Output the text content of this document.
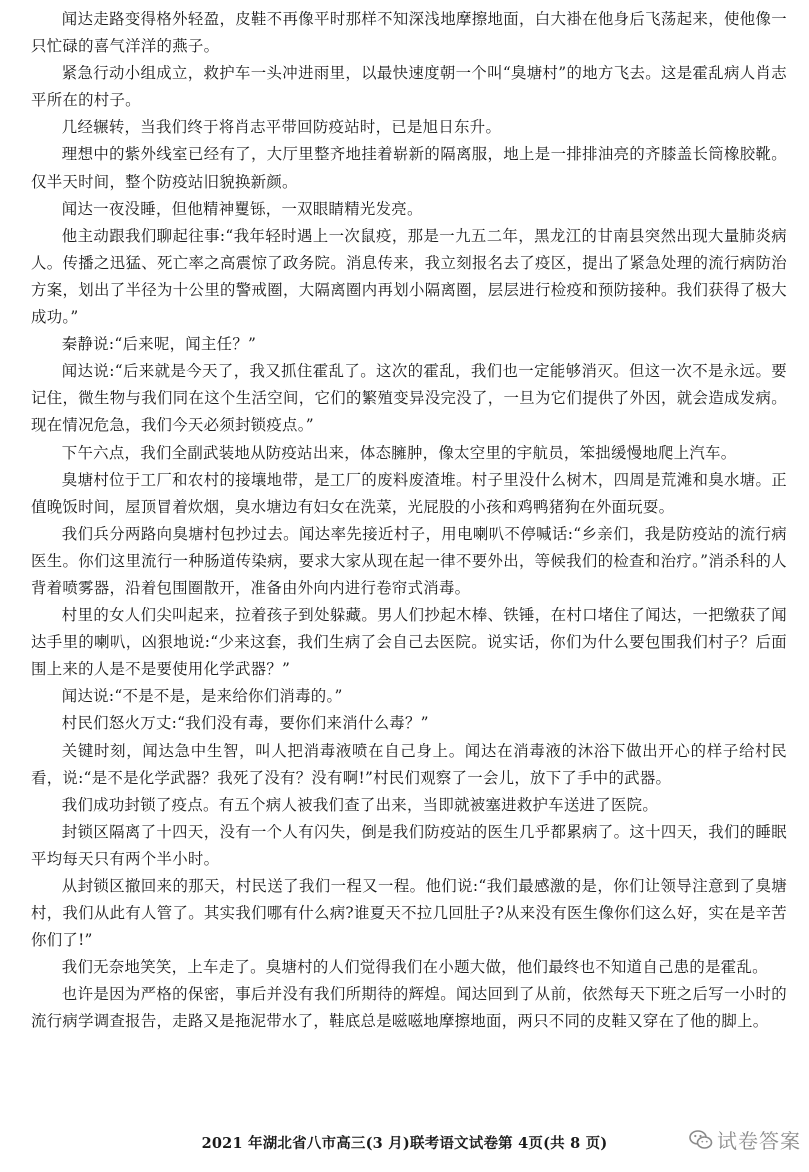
闻达走路变得格外轻盈，皮鞋不再像平时那样不知深浅地摩擦地面，白大褂在他身后飞荡起来，使他像一只忙碌的喜气洋洋的燕子。

紧急行动小组成立，救护车一头冲进雨里，以最快速度朝一个叫“臭塘村”的地方飞去。这是霍乱病人肖志平所在的村子。

几经辗转，当我们终于将肖志平带回防疫站时，已是旭日东升。

理想中的紫外线室已经有了，大厅里整齐地挂着崭新的隔离服，地上是一排排油亮的齐膝盖长筒橡胶靴。仅半天时间，整个防疫站旧貌换新颜。

闻达一夜没睡，但他精神矍铄，一双眼睛精光发亮。

他主动跟我们聊起往事:“我年轻时遇上一次鼠疫，那是一九五二年，黑龙江的甘南县突然出现大量肺炎病人。传播之迅猛、死亡率之高震惊了政务院。消息传来，我立刻报名去了疫区，提出了紧急处理的流行病防治方案，划出了半径为十公里的警戒圈，大隔离圈内再划小隔离圈，层层进行检疫和预防接种。我们获得了极大成功。”

秦静说:“后来呢，闻主任？”

闻达说:“后来就是今天了，我又抓住霍乱了。这次的霍乱，我们也一定能够消灭。但这一次不是永远。要记住，微生物与我们同在这个生活空间，它们的繁殖变异没完没了，一旦为它们提供了外因，就会造成发病。现在情况危急，我们今天必须封锁疫点。”

下午六点，我们全副武装地从防疫站出来，体态臃肿，像太空里的宇航员，笨拙缓慢地爬上汽车。

臭塘村位于工厂和农村的接壤地带，是工厂的废料废渣堆。村子里没什么树木，四周是荒滩和臭水塘。正值晚饭时间，屋顶冒着炊烟，臭水塘边有妇女在洗菜，光屁股的小孩和鸡鸭猪狗在外面玩耍。

我们兵分两路向臭塘村包抄过去。闻达率先接近村子，用电喇叭不停喊话:“乡亲们，我是防疫站的流行病医生。你们这里流行一种肠道传染病，要求大家从现在起一律不要外出，等候我们的检查和治疗。”消杀科的人 背着喷雾器，沿着包围圈散开，准备由外向内进行卷帘式消毒。

村里的女人们尖叫起来，拉着孩子到处躲藏。男人们抄起木棒、铁锤，在村口堵住了闻达，一把缴获了闻达手里的喇叭，凶狠地说:“少来这套，我们生病了会自己去医院。说实话，你们为什么要包围我们村子？后面围上来的人是不是要使用化学武器？”

闻达说:“不是不是，是来给你们消毒的。”

村民们怒火万丈:“我们没有毒，要你们来消什么毒？”

关键时刻，闻达急中生智，叫人把消毒液喷在自己身上。闻达在消毒液的沐浴下做出开心的样子给村民看，说:“是不是化学武器？我死了没有？没有啊!”村民们观察了一会儿，放下了手中的武器。

我们成功封锁了疫点。有五个病人被我们查了出来，当即就被塞进救护车送进了医院。

封锁区隔离了十四天，没有一个人有闪失，倒是我们防疫站的医生几乎都累病了。这十四天，我们的睡眠平均每天只有两个半小时。

从封锁区撤回来的那天，村民送了我们一程又一程。他们说:“我们最感激的是，你们让领导注意到了臭塘村，我们从此有人管了。其实我们哪有什么病?谁夏天不拉几回肚子?从来没有医生像你们这么好，实在是辛苦你们了!”

我们无奈地笑笑，上车走了。臭塘村的人们觉得我们在小题大做，他们最终也不知道自己患的是霍乱。

也许是因为严格的保密，事后并没有我们所期待的辉煌。闻达回到了从前，依然每天下班之后写一小时的流行病学调查报告，走路又是拖泥带水了，鞋底总是嗞嗞地摩擦地面，两只不同的皮鞋又穿在了他的脚上。

2021 年湖北省八市高三(3 月)联考语文试卷第 4页(共 8 页)	试卷答案
